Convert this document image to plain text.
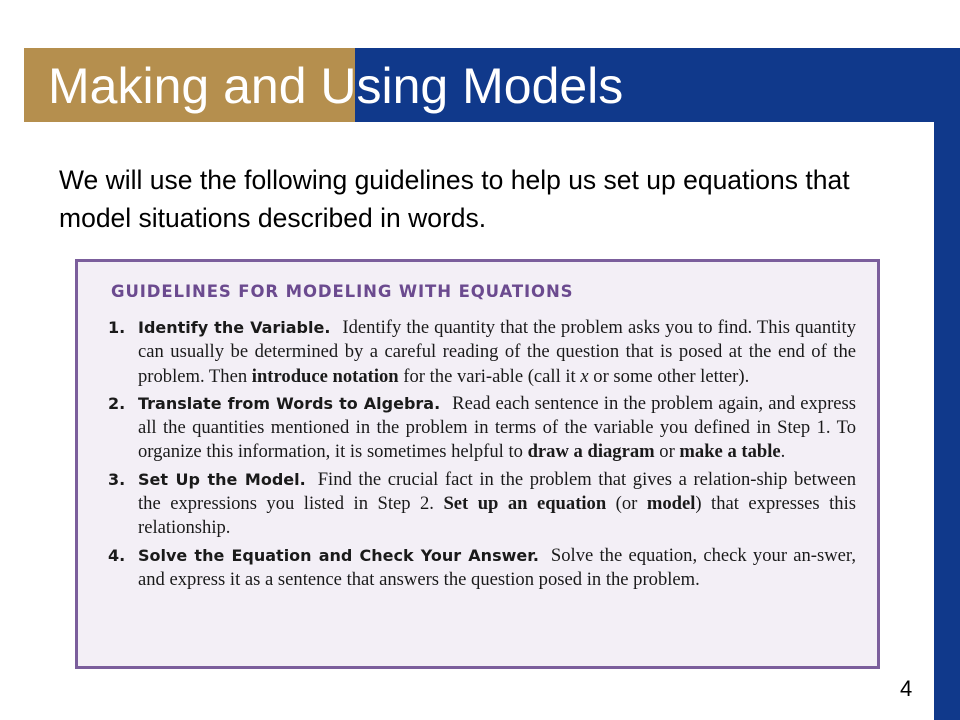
Making and Using Models

We will use the following guidelines to help us set up equations that model situations described in words.

GUIDELINES FOR MODELING WITH EQUATIONS
1. Identify the Variable. Identify the quantity that the problem asks you to find. This quantity can usually be determined by a careful reading of the question that is posed at the end of the problem. Then introduce notation for the vari-able (call it x or some other letter).
2. Translate from Words to Algebra. Read each sentence in the problem again, and express all the quantities mentioned in the problem in terms of the variable you defined in Step 1. To organize this information, it is sometimes helpful to draw a diagram or make a table.
3. Set Up the Model. Find the crucial fact in the problem that gives a relation-ship between the expressions you listed in Step 2. Set up an equation (or model) that expresses this relationship.
4. Solve the Equation and Check Your Answer. Solve the equation, check your an-swer, and express it as a sentence that answers the question posed in the problem.
4
